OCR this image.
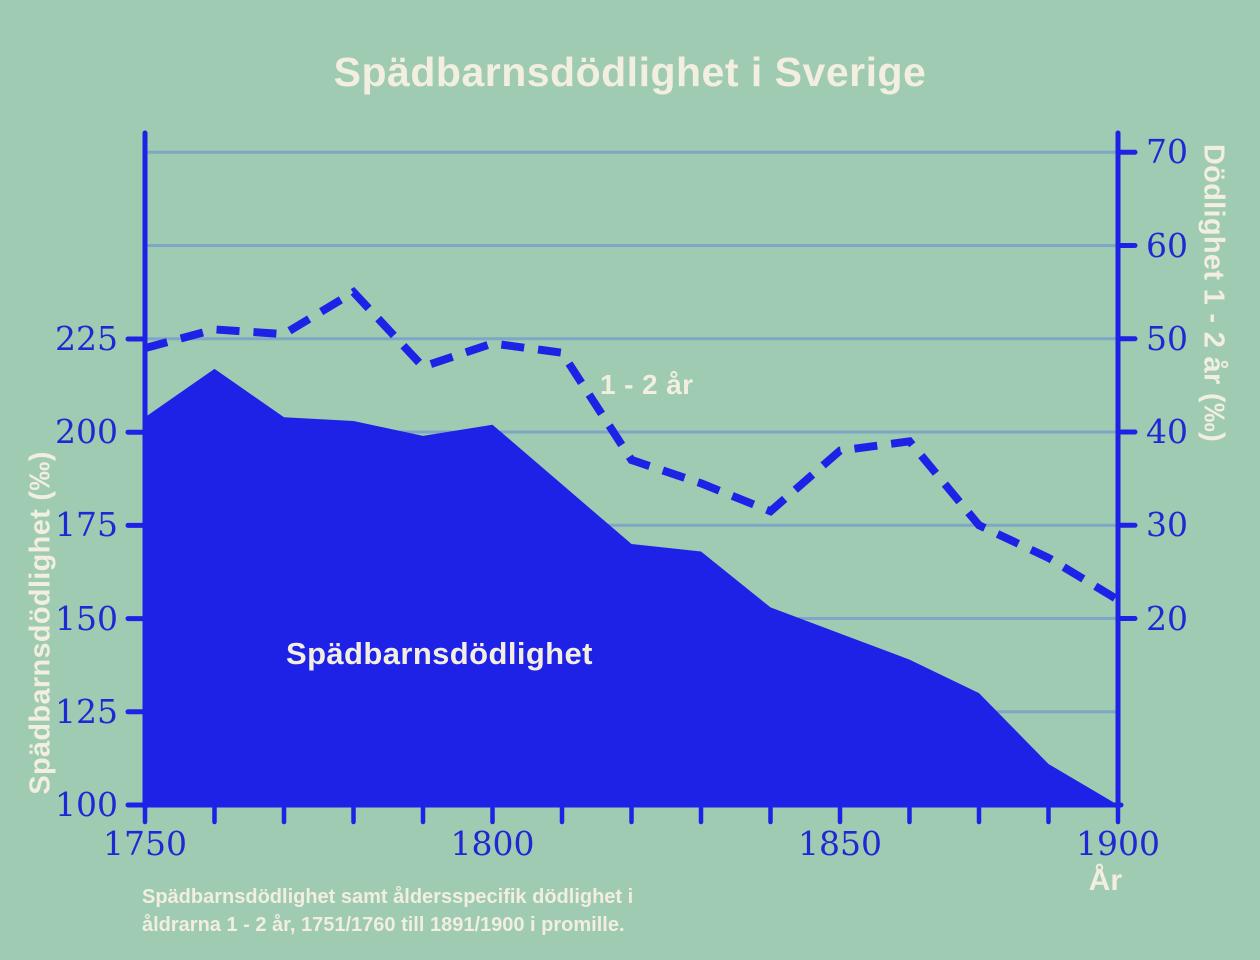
Spädbarnsdödlighet i Sverige
Spädbarnsdödlighet (‰)
Dödlighet 1 - 2 år (‰)
År
Spädbarnsdödlighet
1 - 2 år
Spädbarnsdödlighet samt åldersspecifik dödlighet i
åldrarna 1 - 2 år, 1751/1760 till 1891/1900 i promille.
100
125
150
175
200
225
20
30
40
50
60
70
1750	1800	1850	1900
